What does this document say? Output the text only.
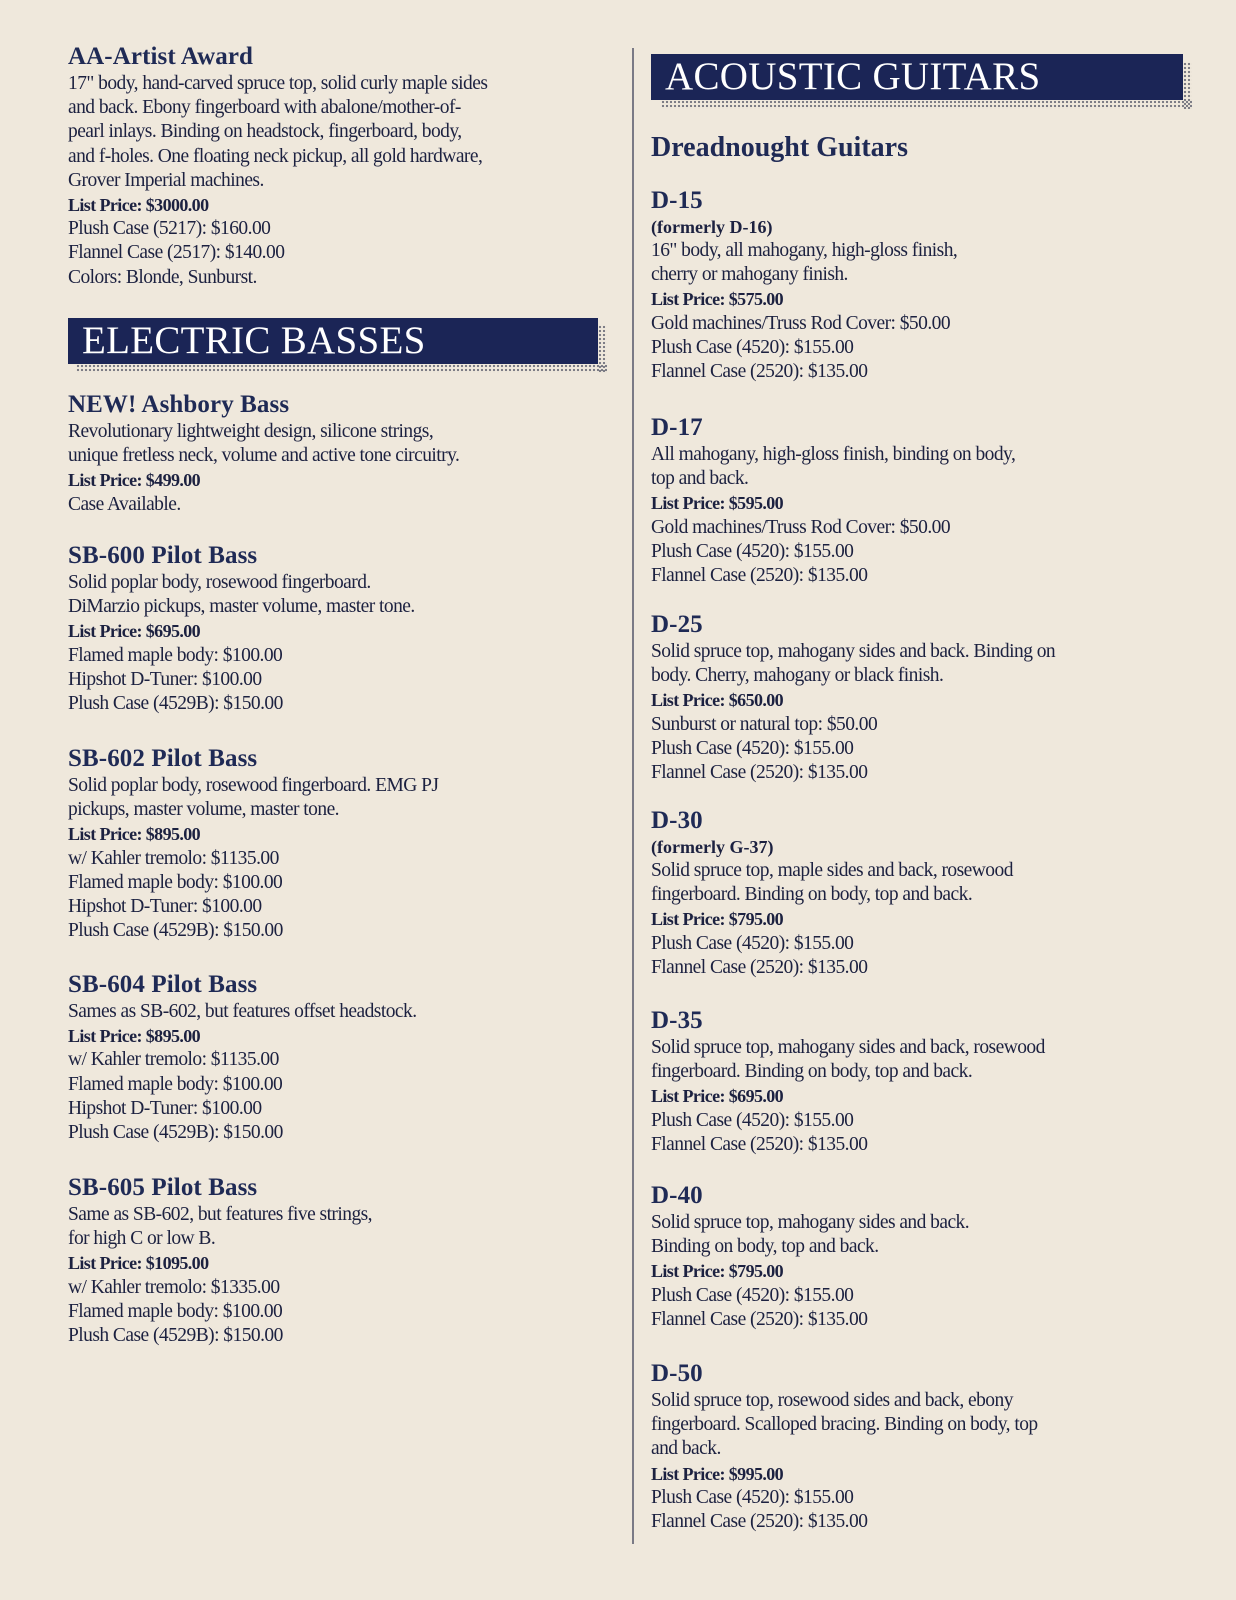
AA-Artist Award
17" body, hand-carved spruce top, solid curly maple sides
and back. Ebony fingerboard with abalone/mother-of-
pearl inlays. Binding on headstock, fingerboard, body,
and f-holes. One floating neck pickup, all gold hardware,
Grover Imperial machines.
List Price: $3000.00
Plush Case (5217): $160.00
Flannel Case (2517): $140.00
Colors: Blonde, Sunburst.
ELECTRIC BASSES
NEW! Ashbory Bass
Revolutionary lightweight design, silicone strings,
unique fretless neck, volume and active tone circuitry.
List Price: $499.00
Case Available.
SB-600 Pilot Bass
Solid poplar body, rosewood fingerboard.
DiMarzio pickups, master volume, master tone.
List Price: $695.00
Flamed maple body: $100.00
Hipshot D-Tuner: $100.00
Plush Case (4529B): $150.00
SB-602 Pilot Bass
Solid poplar body, rosewood fingerboard. EMG PJ
pickups, master volume, master tone.
List Price: $895.00
w/ Kahler tremolo: $1135.00
Flamed maple body: $100.00
Hipshot D-Tuner: $100.00
Plush Case (4529B): $150.00
SB-604 Pilot Bass
Sames as SB-602, but features offset headstock.
List Price: $895.00
w/ Kahler tremolo: $1135.00
Flamed maple body: $100.00
Hipshot D-Tuner: $100.00
Plush Case (4529B): $150.00
SB-605 Pilot Bass
Same as SB-602, but features five strings,
for high C or low B.
List Price: $1095.00
w/ Kahler tremolo: $1335.00
Flamed maple body: $100.00
Plush Case (4529B): $150.00
ACOUSTIC GUITARS
Dreadnought Guitars
D-15
(formerly D-16)
16" body, all mahogany, high-gloss finish,
cherry or mahogany finish.
List Price: $575.00
Gold machines/Truss Rod Cover: $50.00
Plush Case (4520): $155.00
Flannel Case (2520): $135.00
D-17
All mahogany, high-gloss finish, binding on body,
top and back.
List Price: $595.00
Gold machines/Truss Rod Cover: $50.00
Plush Case (4520): $155.00
Flannel Case (2520): $135.00
D-25
Solid spruce top, mahogany sides and back. Binding on
body. Cherry, mahogany or black finish.
List Price: $650.00
Sunburst or natural top: $50.00
Plush Case (4520): $155.00
Flannel Case (2520): $135.00
D-30
(formerly G-37)
Solid spruce top, maple sides and back, rosewood
fingerboard. Binding on body, top and back.
List Price: $795.00
Plush Case (4520): $155.00
Flannel Case (2520): $135.00
D-35
Solid spruce top, mahogany sides and back, rosewood
fingerboard. Binding on body, top and back.
List Price: $695.00
Plush Case (4520): $155.00
Flannel Case (2520): $135.00
D-40
Solid spruce top, mahogany sides and back.
Binding on body, top and back.
List Price: $795.00
Plush Case (4520): $155.00
Flannel Case (2520): $135.00
D-50
Solid spruce top, rosewood sides and back, ebony
fingerboard. Scalloped bracing. Binding on body, top
and back.
List Price: $995.00
Plush Case (4520): $155.00
Flannel Case (2520): $135.00
